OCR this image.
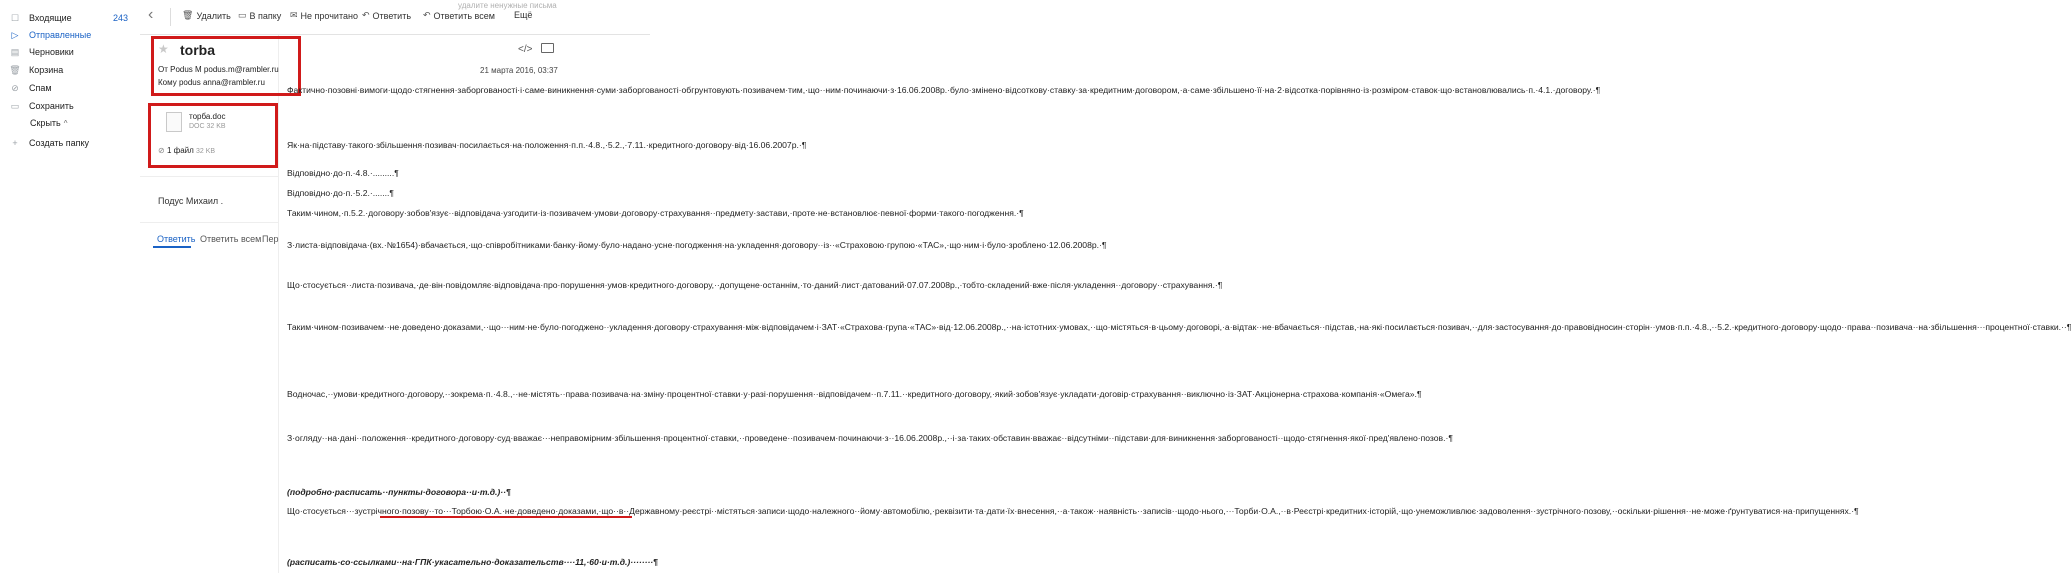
☐ Входящие	243
▷ Отправленные
▤ Черновики
🗑 Корзина
⊘ Спам
▭ Сохранить
Скрыть ^
+	Создать папку
‹	🗑 Удалить ▭ В папку ✉ Не прочитано ↶ Ответить ↶ Ответить всем Ещё
удалите ненужные письма
★ torba
От Podus M podus.m@rambler.ru
Кому podus anna@rambler.ru
торба.doc
DOC 32 KB
⊘ 1 файл 32 KB
Подус Михаил .
Ответить Ответить всем Пер
</>
21 марта 2016, 03:37

Фактично·позовні·вимоги·щодо·стягнення·заборгованості·і·саме·виникнення·суми·заборгованості·обгрунтовують·позивачем·тим,·що··ним·починаючи·з·16.06.2008р.·було·змінено·відсоткову·ставку·за·кредитним·договором,·а·саме·збільшено·її·на·2·відсотка·порівняно·із·розміром·ставок·що·встановлювались·п.·4.1.·договору.·¶

Як·на·підставу·такого·збільшення·позивач·посилається·на·положення·п.п.·4.8.,·5.2.,·7.11.·кредитного·договору·від·16.06.2007р.·¶

Відповідно·до·п.·4.8.·.........¶

Відповідно·до·п.·5.2.·.......¶

Таким·чином,·п.5.2.·договору·зобов'язує··відповідача·узгодити·із·позивачем·умови·договору·страхування··предмету·застави,·проте·не·встановлює·певної·форми·такого·погодження.·¶

З·листа·відповідача·(вх.·№1654)·вбачається,·що·співробітниками·банку·йому·було·надано·усне·погодження·на·укладення·договору··із··«Страховою·групою·«ТАС»,·що·ним·і·було·зроблено·12.06.2008р.·¶

Що·стосується··листа·позивача,·де·він·повідомляє·відповідача·про·порушення·умов·кредитного·договору,··допущене·останнім,·то·даний·лист·датований·07.07.2008р.,·тобто·складений·вже·після·укладення··договору··страхування.·¶

Таким·чином·позивачем··не·доведено·доказами,··що···ним·не·було·погоджено··укладення·договору·страхування·між·відповідачем·і·ЗАТ·«Страхова·група·«ТАС»·від·12.06.2008р.,··на·істотних·умовах,··що·містяться·в·цьому·договорі,·а·відтак··не·вбачається··підстав,·на·які·посилається·позивач,··для·застосування·до·правовідносин·сторін··умов·п.п.·4.8.,··5.2.·кредитного·договору·щодо··права··позивача··на·збільшення···процентної·ставки.··¶

Водночас,··умови·кредитного·договору,··зокрема·п.·4.8.,··не·містять··права·позивача·на·зміну·процентної·ставки·у·разі·порушення··відповідачем··п.7.11.··кредитного·договору,·який·зобов'язує·укладати·договір·страхування··виключно·із·ЗАТ·Акціонерна·страхова·компанія·«Омега».¶

З·огляду··на·дані··положення··кредитного·договору·суд·вважає···неправомірним·збільшення·процентної·ставки,··проведене··позивачем·починаючи·з··16.06.2008р.,··і·за·таких·обставин·вважає··відсутніми··підстави·для·виникнення·заборгованості··щодо·стягнення·якої·пред'явлено·позов.·¶

(подробно·расписать··пункты·договора··и·т.д.)··¶

Що·стосується···зустрічного·позову··то···Торбою·О.А.·не·доведено·доказами,·що··в··Державному·реєстрі··містяться·записи·щодо·належного··йому·автомобілю,·реквізити·та·дати·їх·внесення,··а·також··наявність··записів··щодо·нього,···Торби·О.А.,··в·Реєстрі·кредитних·історій,·що·унеможливлює·задоволення··зустрічного·позову,··оскільки·рішення··не·може·ґрунтуватися·на·припущеннях.·¶

(расписать·со·ссылками··на·ГПК·укасательно·доказательств····11,·60·и·т.д.)········¶
